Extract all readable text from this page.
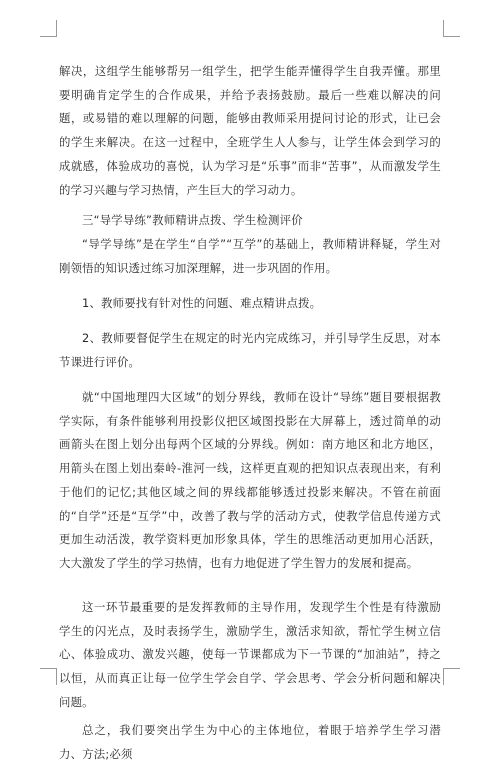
解决，这组学生能够帮另一组学生，把学生能弄懂得学生自我弄懂。那里要明确肯定学生的合作成果，并给予表扬鼓励。最后一些难以解决的问题，或易错的难以理解的问题，能够由教师采用提问讨论的形式，让已会的学生来解决。在这一过程中，全班学生人人参与，让学生体会到学习的成就感，体验成功的喜悦，认为学习是“乐事”而非“苦事”，从而激发学生的学习兴趣与学习热情，产生巨大的学习动力。

三“导学导练”教师精讲点拨、学生检测评价

“导学导练”是在学生“自学”“互学”的基础上，教师精讲释疑，学生对刚领悟的知识透过练习加深理解，进一步巩固的作用。

1、教师要找有针对性的问题、难点精讲点拨。

2、教师要督促学生在规定的时光内完成练习，并引导学生反思，对本节课进行评价。

就“中国地理四大区域”的划分界线，教师在设计“导练”题目要根据教学实际，有条件能够利用投影仪把区域图投影在大屏幕上，透过简单的动画箭头在图上划分出每两个区域的分界线。例如：南方地区和北方地区，用箭头在图上划出秦岭-淮河一线，这样更直观的把知识点表现出来，有利于他们的记忆;其他区域之间的界线都能够透过投影来解决。不管在前面的“自学”还是“互学”中，改善了教与学的活动方式，使教学信息传递方式更加生动活泼，教学资料更加形象具体，学生的思维活动更加用心活跃，大大激发了学生的学习热情，也有力地促进了学生智力的发展和提高。

这一环节最重要的是发挥教师的主导作用，发现学生个性是有待激励学生的闪光点，及时表扬学生，激励学生，激活求知欲，帮忙学生树立信心、体验成功、激发兴趣，使每一节课都成为下一节课的“加油站”，持之以恒，从而真正让每一位学生学会自学、学会思考、学会分析问题和解决问题。

总之，我们要突出学生为中心的主体地位，着眼于培养学生学习潜力、方法;必须
